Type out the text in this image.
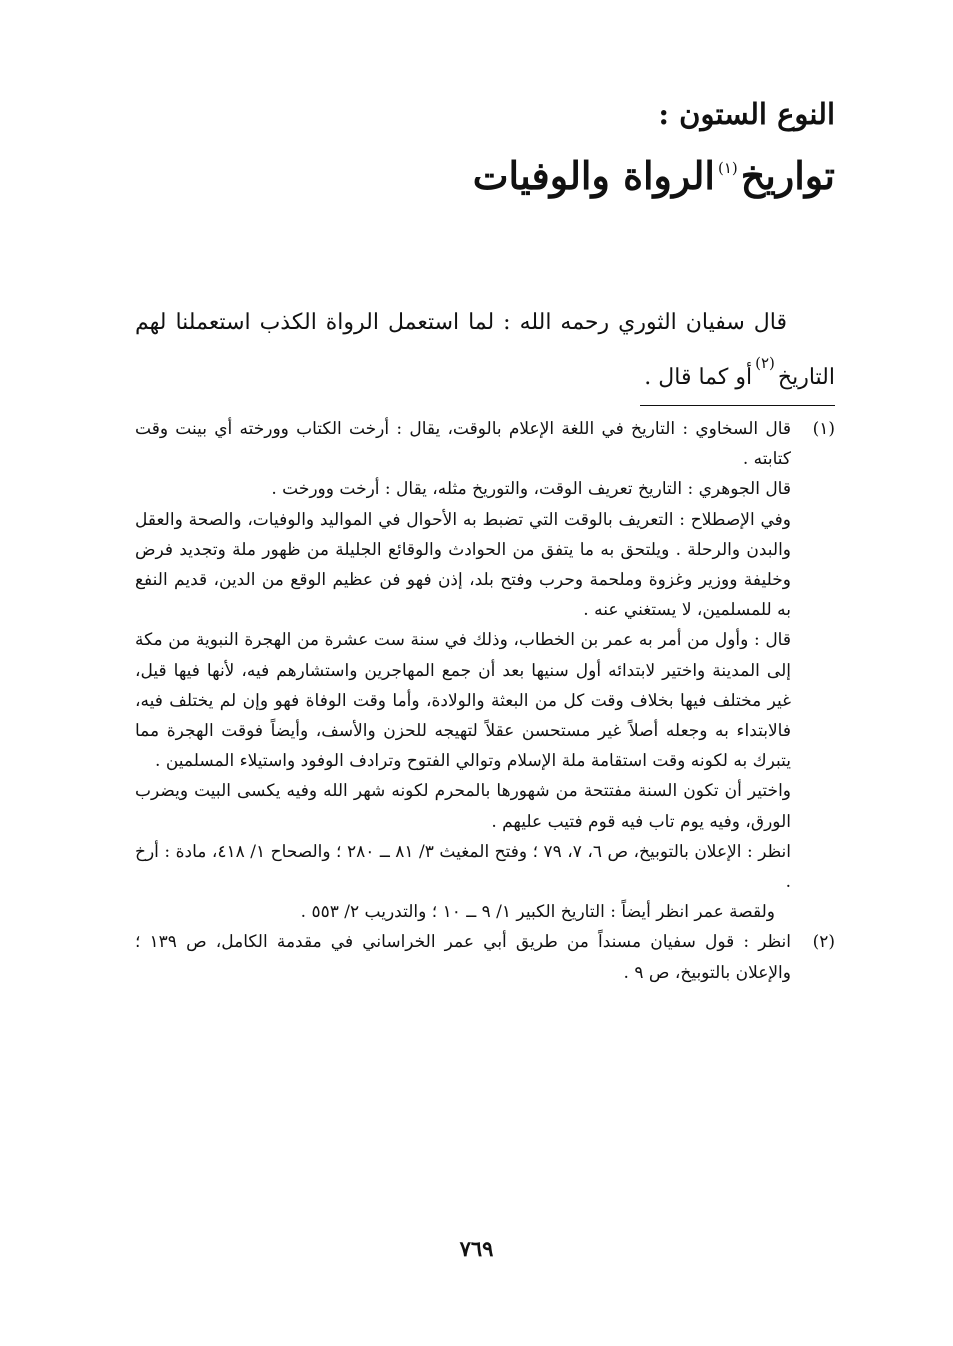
النوع الستون :
تواريخ$^{(١)}$الرواة والوفيات

قال سفيان الثوري رحمه الله : لما استعمل الرواة الكذب استعملنا لهم التاريخ$^{(٢)}$أو كما قال .

(١)
قال السخاوي : التاريخ في اللغة الإعلام بالوقت، يقال : أرخت الكتاب وورخته أي بينت وقت كتابته .
قال الجوهري : التاريخ تعريف الوقت، والتوريخ مثله، يقال : أرخت وورخت .
وفي الإصطلاح : التعريف بالوقت التي تضبط به الأحوال في المواليد والوفيات، والصحة والعقل والبدن والرحلة . ويلتحق به ما يتفق من الحوادث والوقائع الجليلة من ظهور ملة وتجديد فرض وخليفة ووزير وغزوة وملحمة وحرب وفتح بلد، إذن فهو فن عظيم الوقع من الدين، قديم النفع به للمسلمين، لا يستغني عنه .
قال : وأول من أمر به عمر بن الخطاب، وذلك في سنة ست عشرة من الهجرة النبوية من مكة إلى المدينة واختير لابتدائه أول سنيها بعد أن جمع المهاجرين واستشارهم فيه، لأنها فيها قيل، غير مختلف فيها بخلاف وقت كل من البعثة والولادة، وأما وقت الوفاة فهو وإن لم يختلف فيه، فالابتداء به وجعله أصلاً غير مستحسن عقلاً لتهيجه للحزن والأسف، وأيضاً فوقت الهجرة مما يتبرك به لكونه وقت استقامة ملة الإسلام وتوالي الفتوح وترادف الوفود واستيلاء المسلمين .
واختير أن تكون السنة مفتتحة من شهورها بالمحرم لكونه شهر الله وفيه يكسى البيت ويضرب الورق، وفيه يوم تاب فيه قوم فتيب عليهم .
انظر : الإعلان بالتوبيخ، ص ٦، ٧، ٧٩ ؛ وفتح المغيث ٣/ ٨١ ــ ٢٨٠ ؛ والصحاح ١/ ٤١٨، مادة : أرخ .
ولقصة عمر انظر أيضاً : التاريخ الكبير ١/ ٩ ــ ١٠ ؛ والتدريب ٢/ ٥٥٣ .
(٢)
انظر : قول سفيان مسنداً من طريق أبي عمر الخراساني في مقدمة الكامل، ص ١٣٩ ؛ والإعلان بالتوبيخ، ص ٩ .
٧٦٩
